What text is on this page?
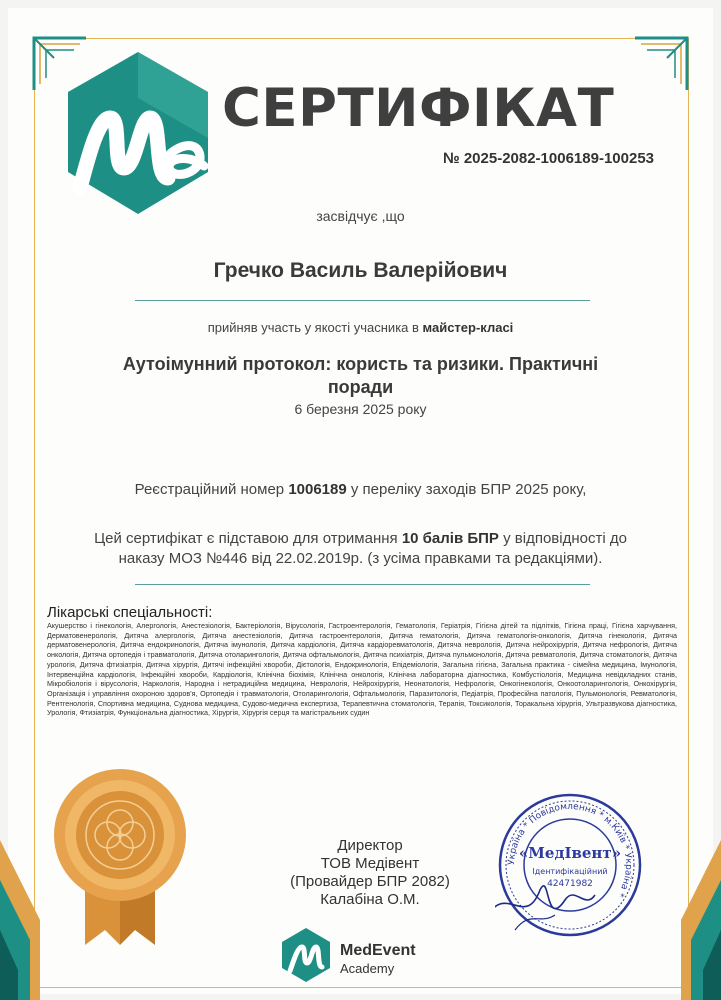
СЕРТИФІКАТ
№ 2025-2082-1006189-100253
засвідчує ,що
Гречко Василь Валерійович
прийняв участь у якості учасника в майстер-класі
Аутоімунний протокол: користь та ризики. Практичні
поради
6 березня 2025 року
Реєстраційний номер 1006189 у переліку заходів БПР 2025 року,
Цей сертифікат є підставою для отримання 10 балів БПР у відповідності до
наказу МОЗ №446 від 22.02.2019р. (з усіма правками та редакціями).
Лікарські спеціальності:
Акушерство і гінекологія, Алергологія, Анестезіологія, Бактеріологія, Вірусологія, Гастроентерологія, Гематологія, Геріатрія, Гігієна дітей та підлітків, Гігієна праці, Гігієна харчування, Дерматовенерологія, Дитяча алергологія, Дитяча анестезіологія, Дитяча гастроентерологія, Дитяча гематологія, Дитяча гематологія-онкологія, Дитяча гінекологія, Дитяча дерматовенерологія, Дитяча ендокринологія, Дитяча імунологія, Дитяча кардіологія, Дитяча кардіоревматологія, Дитяча неврологія, Дитяча нейрохірургія, Дитяча нефрологія, Дитяча онкологія, Дитяча ортопедія і травматологія, Дитяча отоларингологія, Дитяча офтальмологія, Дитяча психіатрія, Дитяча пульмонологія, Дитяча ревматологія, Дитяча стоматологія, Дитяча урологія, Дитяча фтизіатрія, Дитяча хірургія, Дитячі інфекційні хвороби, Дієтологія, Ендокринологія, Епідеміологія, Загальна гігієна, Загальна практика - сімейна медицина, Імунологія, Інтервенційна кардіологія, Інфекційні хвороби, Кардіологія, Клінічна біохімія, Клінічна онкологія, Клінічна лабораторна діагностика, Комбустіологія, Медицина невідкладних станів, Мікробіологія і вірусологія, Наркологія, Народна і нетрадиційна медицина, Неврологія, Нейрохірургія, Неонатологія, Нефрологія, Онкогінекологія, Онкоотоларингологія, Онкохірургія, Організація і управління охороною здоров'я, Ортопедія і травматологія, Отоларингологія, Офтальмологія, Паразитологія, Педіатрія, Професійна патологія, Пульмонологія, Ревматологія, Рентгенологія, Спортивна медицина, Суднова медицина, Судово-медична експертиза, Терапевтична стоматологія, Терапія, Токсикологія, Торакальна хірургія, Ультразвукова діагностика, Урологія, Фтизіатрія, Функціональна діагностика, Хірургія, Хірургія серця та магістральних судин
Директор
ТОВ Медівент
(Провайдер БПР 2082)
Калабіна О.М.
Україна * Повідомлення * м.Київ * Україна *
«МедІвент»
Ідентифікаційний
42471982
MedEvent
Academy
